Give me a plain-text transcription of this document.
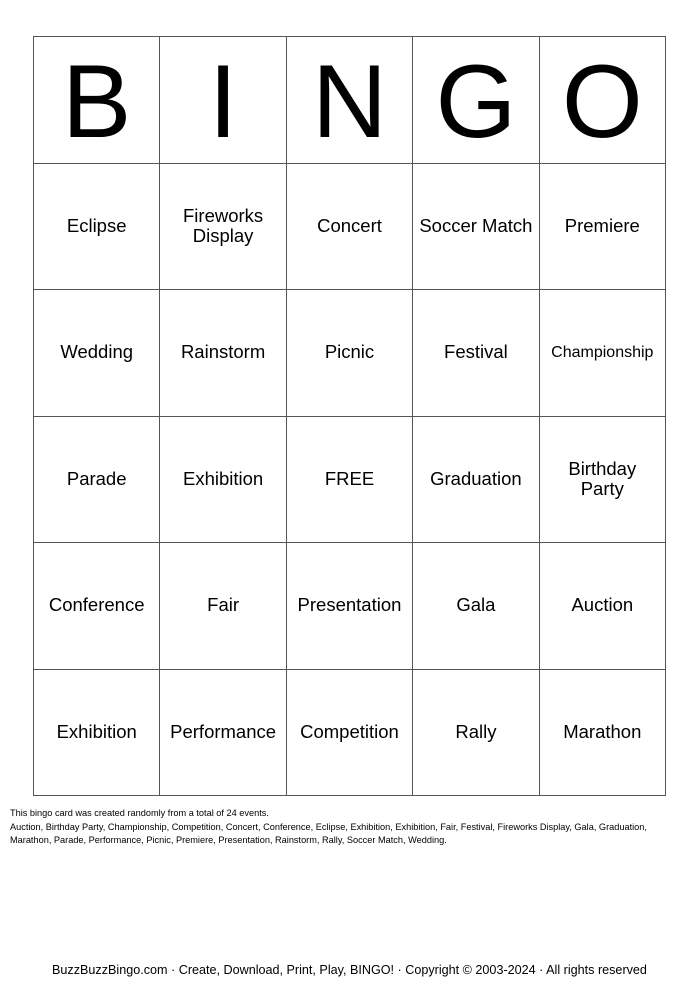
B I N G O
Eclipse	Fireworks Display	Concert	Soccer Match	Premiere
Wedding	Rainstorm	Picnic	Festival	Championship
Parade	Exhibition	FREE	Graduation	Birthday Party
Conference	Fair	Presentation	Gala	Auction
Exhibition	Performance	Competition	Rally	Marathon

This bingo card was created randomly from a total of 24 events.

Auction, Birthday Party, Championship, Competition, Concert, Conference, Eclipse, Exhibition, Exhibition, Fair, Festival, Fireworks Display, Gala, Graduation, Marathon, Parade, Performance, Picnic, Premiere, Presentation, Rainstorm, Rally, Soccer Match, Wedding.

BuzzBuzzBingo.com · Create, Download, Print, Play, BINGO! · Copyright © 2003-2024 · All rights reserved
